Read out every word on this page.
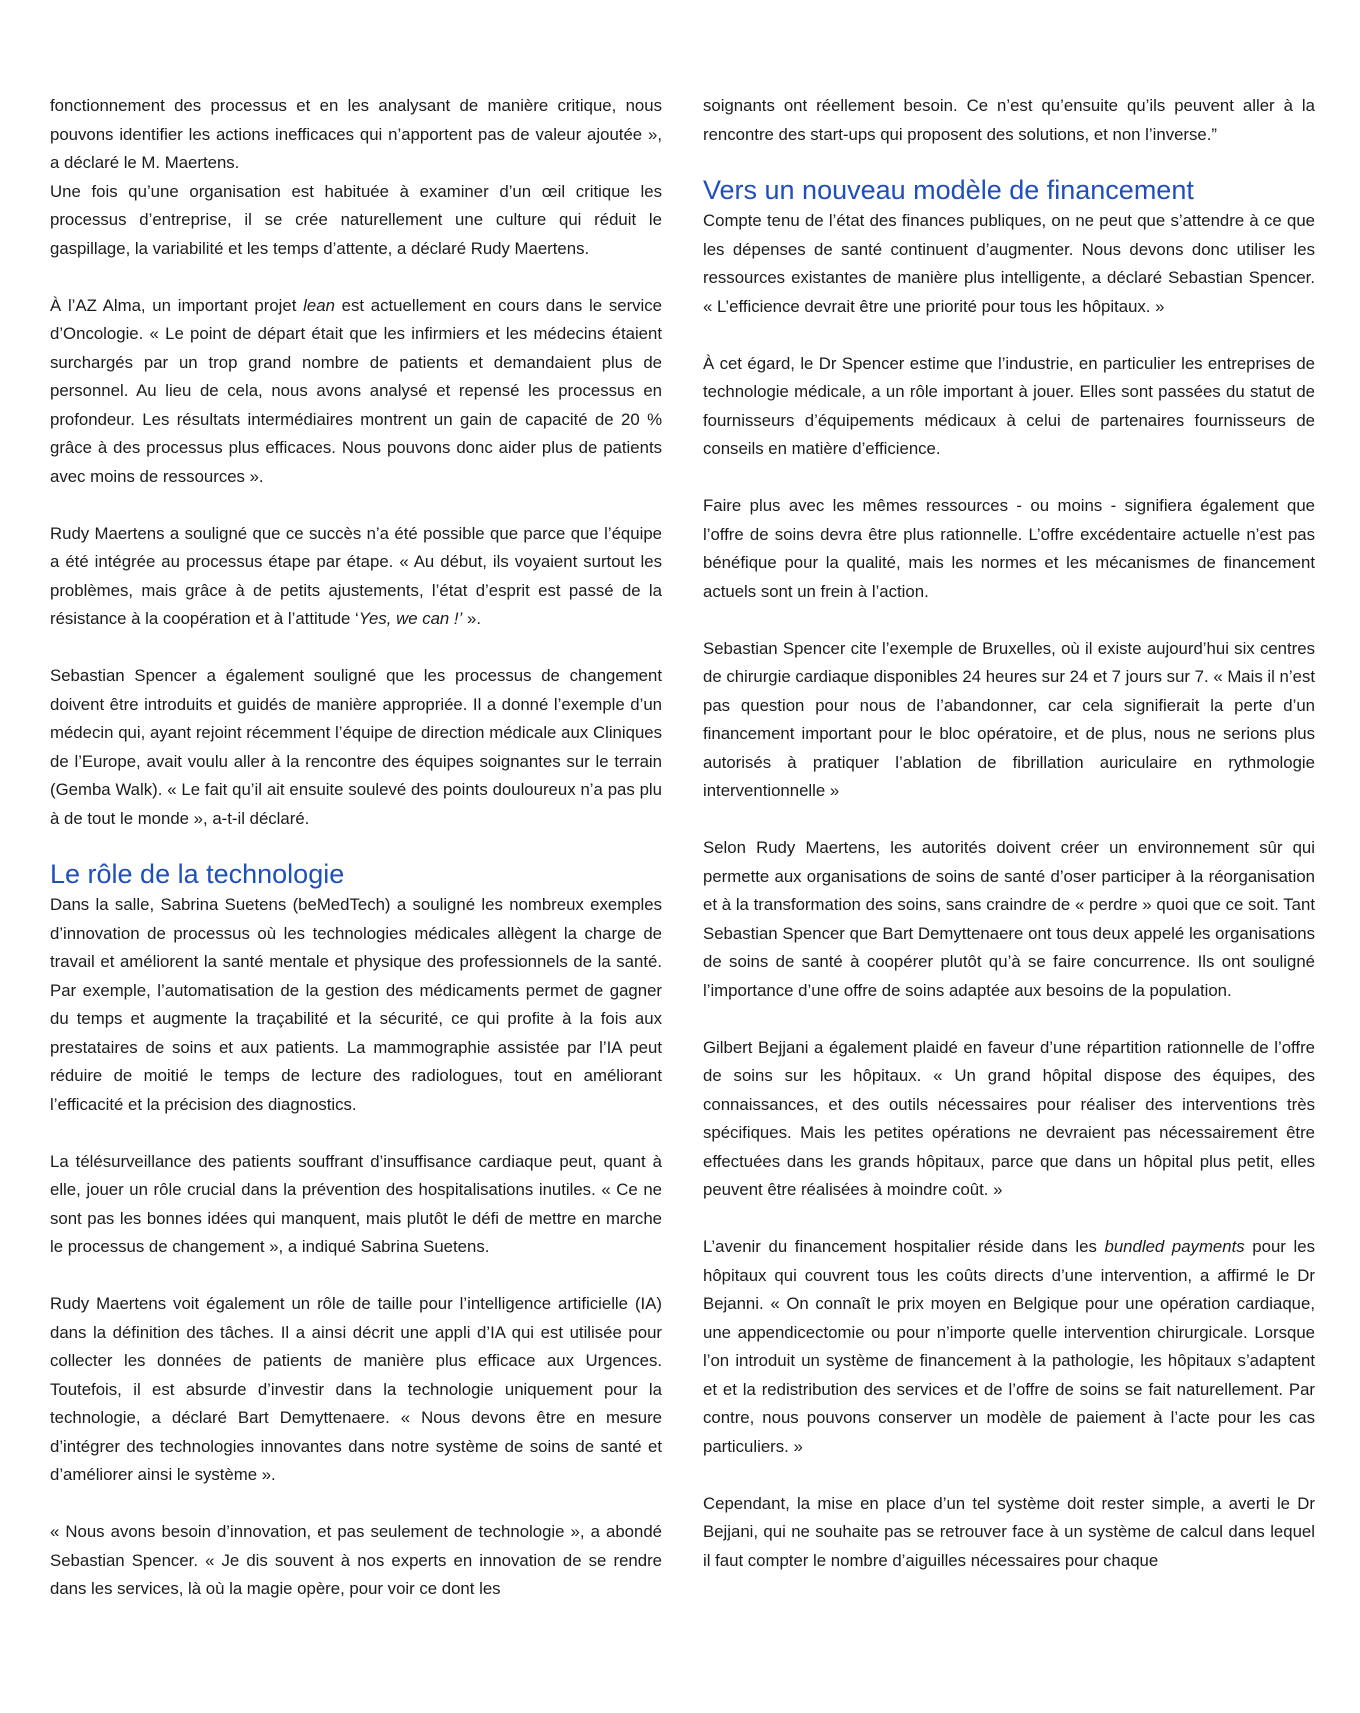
fonctionnement des processus et en les analysant de manière critique, nous pouvons identifier les actions inefficaces qui n’apportent pas de valeur ajoutée », a déclaré le M. Maertens.

Une fois qu’une organisation est habituée à examiner d’un œil critique les processus d’entreprise, il se crée naturellement une culture qui réduit le gaspillage, la variabilité et les temps d’attente, a déclaré Rudy Maertens.

À l’AZ Alma, un important projet lean est actuellement en cours dans le service d’Oncologie. « Le point de départ était que les infirmiers et les médecins étaient surchargés par un trop grand nombre de patients et demandaient plus de personnel. Au lieu de cela, nous avons analysé et repensé les processus en profondeur. Les résultats intermédiaires montrent un gain de capacité de 20 % grâce à des processus plus efficaces. Nous pouvons donc aider plus de patients avec moins de ressources ».

Rudy Maertens a souligné que ce succès n’a été possible que parce que l’équipe a été intégrée au processus étape par étape. « Au début, ils voyaient surtout les problèmes, mais grâce à de petits ajustements, l’état d’esprit est passé de la résistance à la coopération et à l’attitude ‘Yes, we can !’ ».

Sebastian Spencer a également souligné que les processus de changement doivent être introduits et guidés de manière appropriée. Il a donné l’exemple d’un médecin qui, ayant rejoint récemment l’équipe de direction médicale aux Cliniques de l’Europe, avait voulu aller à la rencontre des équipes soignantes sur le terrain (Gemba Walk). « Le fait qu’il ait ensuite soulevé des points douloureux n’a pas plu à de tout le monde », a-t-il déclaré.

Le rôle de la technologie

Dans la salle, Sabrina Suetens (beMedTech) a souligné les nombreux exemples d’innovation de processus où les technologies médicales allègent la charge de travail et améliorent la santé mentale et physique des professionnels de la santé. Par exemple, l’automatisation de la gestion des médicaments permet de gagner du temps et augmente la traçabilité et la sécurité, ce qui profite à la fois aux prestataires de soins et aux patients. La mammographie assistée par l’IA peut réduire de moitié le temps de lecture des radiologues, tout en améliorant l’efficacité et la précision des diagnostics.

La télésurveillance des patients souffrant d’insuffisance cardiaque peut, quant à elle, jouer un rôle crucial dans la prévention des hospitalisations inutiles. « Ce ne sont pas les bonnes idées qui manquent, mais plutôt le défi de mettre en marche le processus de changement », a indiqué Sabrina Suetens.

Rudy Maertens voit également un rôle de taille pour l’intelligence artificielle (IA) dans la définition des tâches. Il a ainsi décrit une appli d’IA qui est utilisée pour collecter les données de patients de manière plus efficace aux Urgences. Toutefois, il est absurde d’investir dans la technologie uniquement pour la technologie, a déclaré Bart Demyttenaere. « Nous devons être en mesure d’intégrer des technologies innovantes dans notre système de soins de santé et d’améliorer ainsi le système ».

« Nous avons besoin d’innovation, et pas seulement de technologie », a abondé Sebastian Spencer. « Je dis souvent à nos experts en innovation de se rendre dans les services, là où la magie opère, pour voir ce dont les

soignants ont réellement besoin. Ce n’est qu’ensuite qu’ils peuvent aller à la rencontre des start-ups qui proposent des solutions, et non l’inverse.”

Vers un nouveau modèle de financement

Compte tenu de l’état des finances publiques, on ne peut que s’attendre à ce que les dépenses de santé continuent d’augmenter. Nous devons donc utiliser les ressources existantes de manière plus intelligente, a déclaré Sebastian Spencer. « L’efficience devrait être une priorité pour tous les hôpitaux. »

À cet égard, le Dr Spencer estime que l’industrie, en particulier les entreprises de technologie médicale, a un rôle important à jouer. Elles sont passées du statut de fournisseurs d’équipements médicaux à celui de partenaires fournisseurs de conseils en matière d’efficience.

Faire plus avec les mêmes ressources - ou moins - signifiera également que l’offre de soins devra être plus rationnelle. L’offre excédentaire actuelle n’est pas bénéfique pour la qualité, mais les normes et les mécanismes de financement actuels sont un frein à l’action.

Sebastian Spencer cite l’exemple de Bruxelles, où il existe aujourd’hui six centres de chirurgie cardiaque disponibles 24 heures sur 24 et 7 jours sur 7. « Mais il n’est pas question pour nous de l’abandonner, car cela signifierait la perte d’un financement important pour le bloc opératoire, et de plus, nous ne serions plus autorisés à pratiquer l’ablation de fibrillation auriculaire en rythmologie interventionnelle »

Selon Rudy Maertens, les autorités doivent créer un environnement sûr qui permette aux organisations de soins de santé d’oser participer à la réorganisation et à la transformation des soins, sans craindre de « perdre » quoi que ce soit. Tant Sebastian Spencer que Bart Demyttenaere ont tous deux appelé les organisations de soins de santé à coopérer plutôt qu’à se faire concurrence. Ils ont souligné l’importance d’une offre de soins adaptée aux besoins de la population.

Gilbert Bejjani a également plaidé en faveur d’une répartition rationnelle de l’offre de soins sur les hôpitaux. « Un grand hôpital dispose des équipes, des connaissances, et des outils nécessaires pour réaliser des interventions très spécifiques. Mais les petites opérations ne devraient pas nécessairement être effectuées dans les grands hôpitaux, parce que dans un hôpital plus petit, elles peuvent être réalisées à moindre coût. »

L’avenir du financement hospitalier réside dans les bundled payments pour les hôpitaux qui couvrent tous les coûts directs d’une intervention, a affirmé le Dr Bejanni. « On connaît le prix moyen en Belgique pour une opération cardiaque, une appendicectomie ou pour n’importe quelle intervention chirurgicale. Lorsque l’on introduit un système de financement à la pathologie, les hôpitaux s’adaptent et et la redistribution des services et de l’offre de soins se fait naturellement. Par contre, nous pouvons conserver un modèle de paiement à l’acte pour les cas particuliers. »

Cependant, la mise en place d’un tel système doit rester simple, a averti le Dr Bejjani, qui ne souhaite pas se retrouver face à un système de calcul dans lequel il faut compter le nombre d’aiguilles nécessaires pour chaque
